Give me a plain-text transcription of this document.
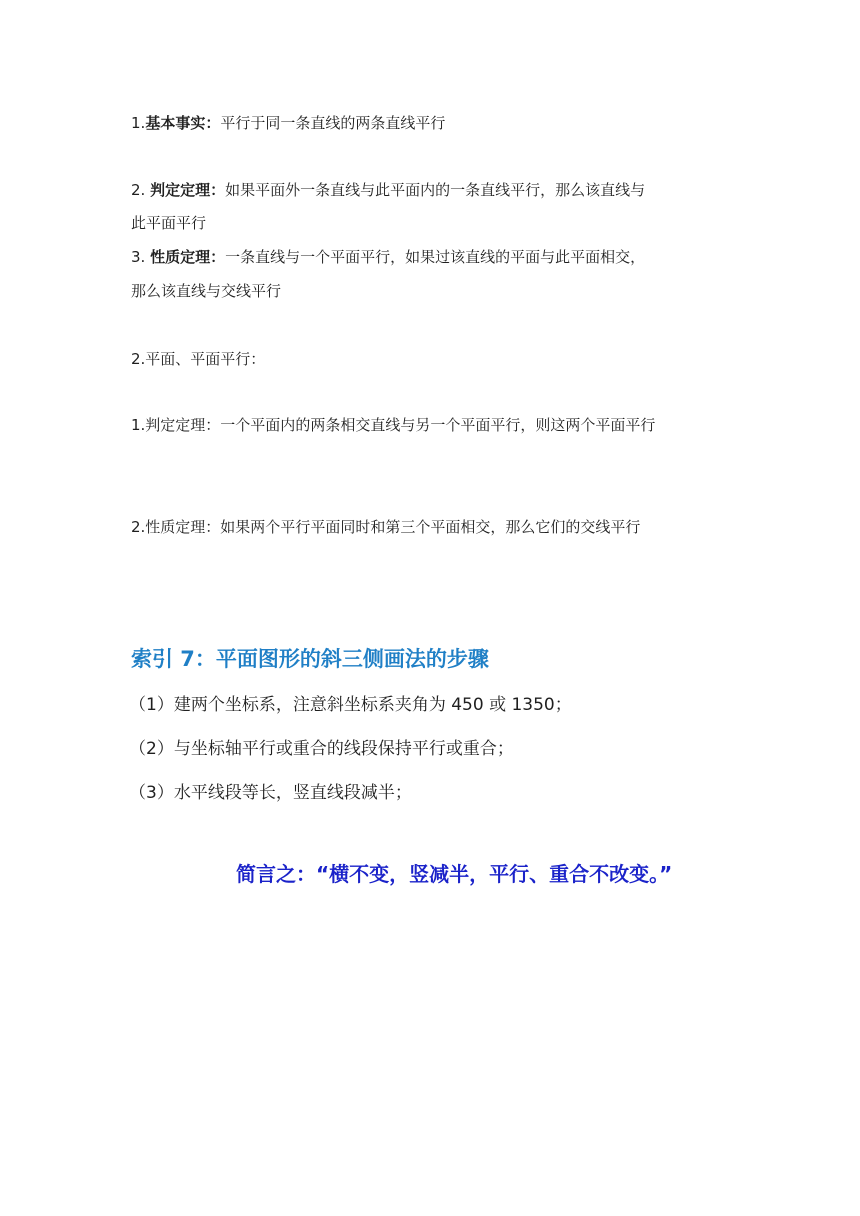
1.基本事实：平行于同一条直线的两条直线平行
2. 判定定理：如果平面外一条直线与此平面内的一条直线平行，那么该直线与
此平面平行
3. 性质定理：一条直线与一个平面平行，如果过该直线的平面与此平面相交，
那么该直线与交线平行
2.平面、平面平行：
1.判定定理：一个平面内的两条相交直线与另一个平面平行，则这两个平面平行
2.性质定理：如果两个平行平面同时和第三个平面相交，那么它们的交线平行
索引 7：平面图形的斜三侧画法的步骤
（1）建两个坐标系，注意斜坐标系夹角为 450 或 1350；
（2）与坐标轴平行或重合的线段保持平行或重合；
（3）水平线段等长，竖直线段减半；
简言之：“横不变，竖减半，平行、重合不改变。”
